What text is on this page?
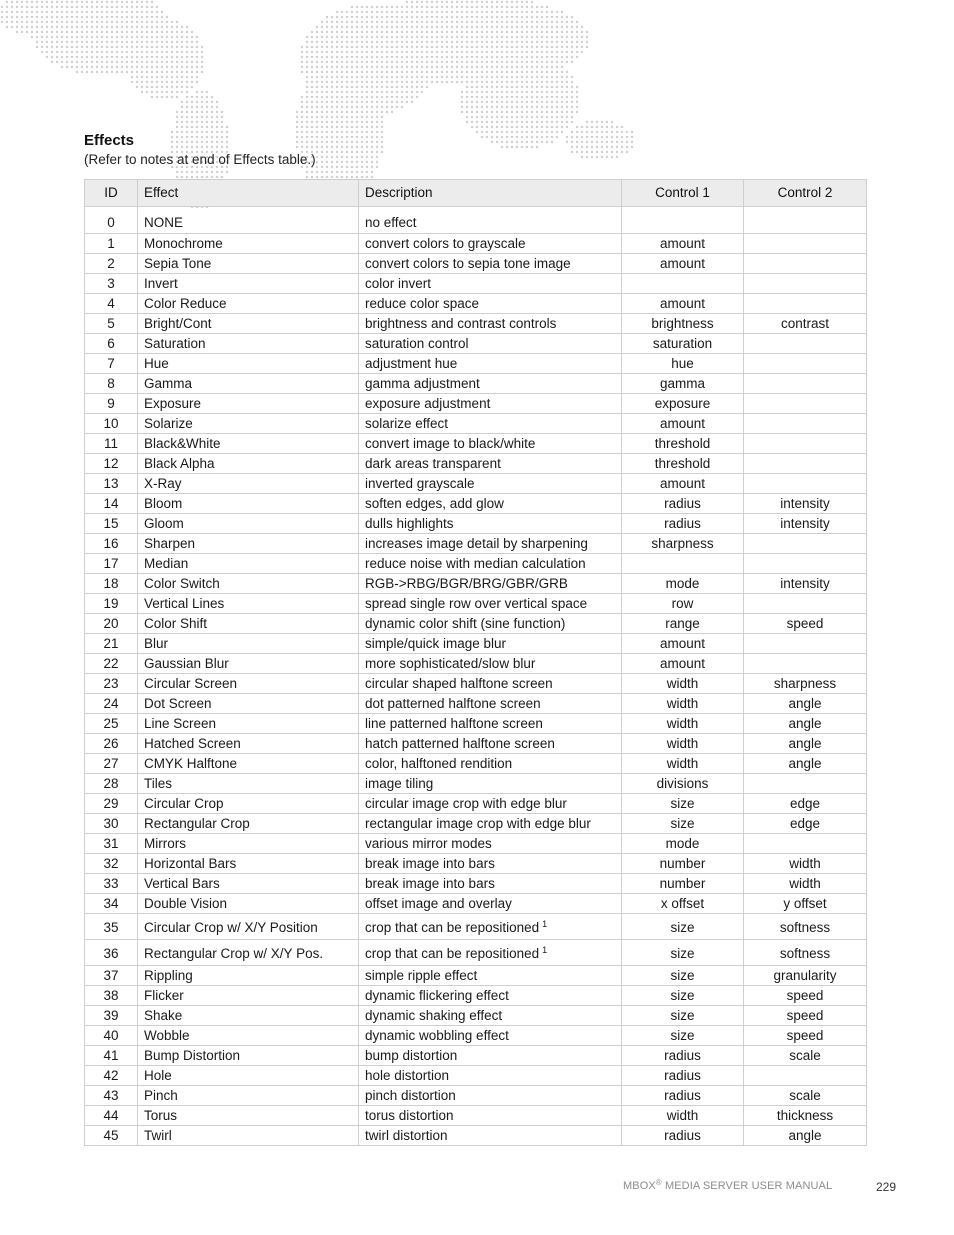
Effects
(Refer to notes at end of Effects table.)
ID	Effect	Description	Control 1	Control 2
0	NONE	no effect		
1	Monochrome	convert colors to grayscale	amount	
2	Sepia Tone	convert colors to sepia tone image	amount	
3	Invert	color invert		
4	Color Reduce	reduce color space	amount	
5	Bright/Cont	brightness and contrast controls	brightness	contrast
6	Saturation	saturation control	saturation	
7	Hue	adjustment hue	hue	
8	Gamma	gamma adjustment	gamma	
9	Exposure	exposure adjustment	exposure	
10	Solarize	solarize effect	amount	
11	Black&White	convert image to black/white	threshold	
12	Black Alpha	dark areas transparent	threshold	
13	X-Ray	inverted grayscale	amount	
14	Bloom	soften edges, add glow	radius	intensity
15	Gloom	dulls highlights	radius	intensity
16	Sharpen	increases image detail by sharpening	sharpness	
17	Median	reduce noise with median calculation		
18	Color Switch	RGB->RBG/BGR/BRG/GBR/GRB	mode	intensity
19	Vertical Lines	spread single row over vertical space	row	
20	Color Shift	dynamic color shift (sine function)	range	speed
21	Blur	simple/quick image blur	amount	
22	Gaussian Blur	more sophisticated/slow blur	amount	
23	Circular Screen	circular shaped halftone screen	width	sharpness
24	Dot Screen	dot patterned halftone screen	width	angle
25	Line Screen	line patterned halftone screen	width	angle
26	Hatched Screen	hatch patterned halftone screen	width	angle
27	CMYK Halftone	color, halftoned rendition	width	angle
28	Tiles	image tiling	divisions	
29	Circular Crop	circular image crop with edge blur	size	edge
30	Rectangular Crop	rectangular image crop with edge blur	size	edge
31	Mirrors	various mirror modes	mode	
32	Horizontal Bars	break image into bars	number	width
33	Vertical Bars	break image into bars	number	width
34	Double Vision	offset image and overlay	x offset	y offset
35	Circular Crop w/ X/Y Position	crop that can be repositioned $^1$	size	softness
36	Rectangular Crop w/ X/Y Pos.	crop that can be repositioned $^1$	size	softness
37	Rippling	simple ripple effect	size	granularity
38	Flicker	dynamic flickering effect	size	speed
39	Shake	dynamic shaking effect	size	speed
40	Wobble	dynamic wobbling effect	size	speed
41	Bump Distortion	bump distortion	radius	scale
42	Hole	hole distortion	radius	
43	Pinch	pinch distortion	radius	scale
44	Torus	torus distortion	width	thickness
45	Twirl	twirl distortion	radius	angle
MBOX® MEDIA SERVER USER MANUAL	229
